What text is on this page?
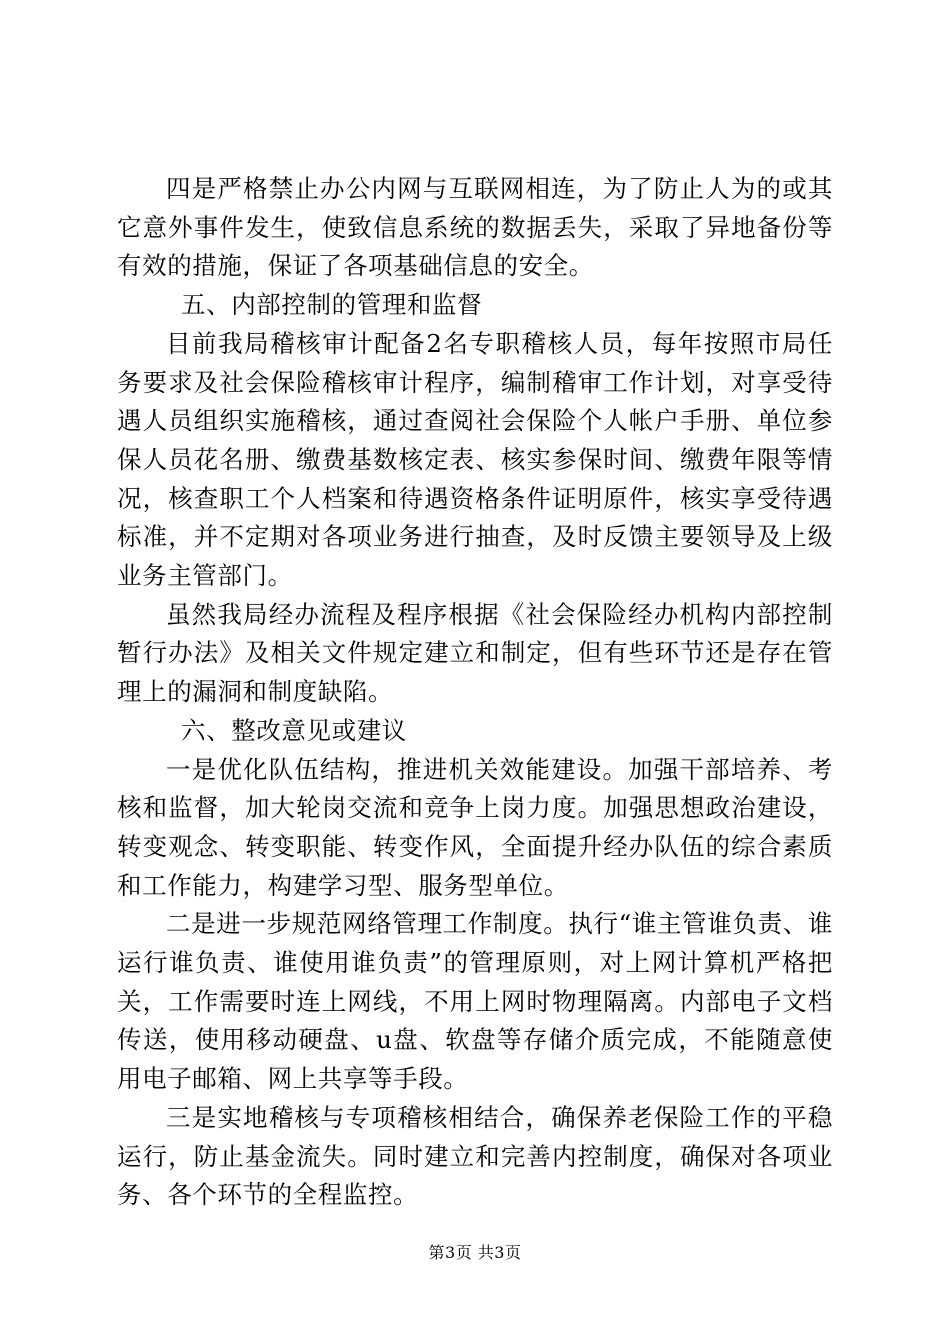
四是严格禁止办公内网与互联网相连，为了防止人为的或其它意外事件发生，使致信息系统的数据丢失，采取了异地备份等有效的措施，保证了各项基础信息的安全。

五、内部控制的管理和监督

目前我局稽核审计配备2名专职稽核人员，每年按照市局任务要求及社会保险稽核审计程序，编制稽审工作计划，对享受待遇人员组织实施稽核，通过查阅社会保险个人帐户手册、单位参保人员花名册、缴费基数核定表、核实参保时间、缴费年限等情况，核查职工个人档案和待遇资格条件证明原件，核实享受待遇标准，并不定期对各项业务进行抽查，及时反馈主要领导及上级业务主管部门。

虽然我局经办流程及程序根据《社会保险经办机构内部控制暂行办法》及相关文件规定建立和制定，但有些环节还是存在管理上的漏洞和制度缺陷。

六、整改意见或建议

一是优化队伍结构，推进机关效能建设。加强干部培养、考核和监督，加大轮岗交流和竞争上岗力度。加强思想政治建设，转变观念、转变职能、转变作风，全面提升经办队伍的综合素质和工作能力，构建学习型、服务型单位。

二是进一步规范网络管理工作制度。执行“谁主管谁负责、谁运行谁负责、谁使用谁负责”的管理原则，对上网计算机严格把关，工作需要时连上网线，不用上网时物理隔离。内部电子文档传送，使用移动硬盘、u盘、软盘等存储介质完成，不能随意使用电子邮箱、网上共享等手段。

三是实地稽核与专项稽核相结合，确保养老保险工作的平稳运行，防止基金流失。同时建立和完善内控制度，确保对各项业务、各个环节的全程监控。

第3页 共3页
